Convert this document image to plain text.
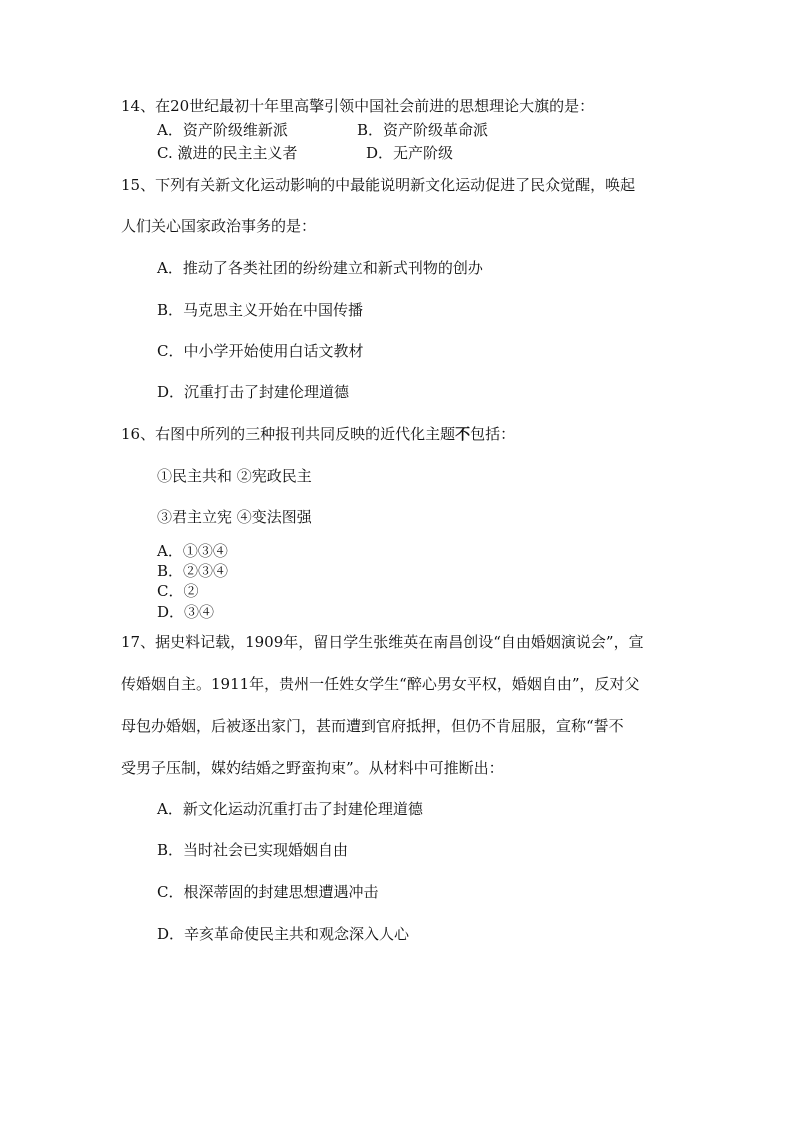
14、在20世纪最初十年里高擎引领中国社会前进的思想理论大旗的是：
A．资产阶级维新派	B．资产阶级革命派
C. 激进的民主主义者	D．无产阶级
15、下列有关新文化运动影响的中最能说明新文化运动促进了民众觉醒，唤起
人们关心国家政治事务的是：
A．推动了各类社团的纷纷建立和新式刊物的创办
B．马克思主义开始在中国传播
C．中小学开始使用白话文教材
D．沉重打击了封建伦理道德
16、右图中所列的三种报刊共同反映的近代化主题不包括：
①民主共和 ②宪政民主
③君主立宪 ④变法图强
A．①③④
B．②③④
C．②
D．③④
17、据史料记载，1909年，留日学生张维英在南昌创设“自由婚姻演说会”，宣
传婚姻自主。1911年，贵州一任姓女学生“醉心男女平权，婚姻自由”，反对父
母包办婚姻，后被逐出家门，甚而遭到官府抵押，但仍不肯屈服，宣称“誓不
受男子压制，媒妁结婚之野蛮拘束”。从材料中可推断出：
A．新文化运动沉重打击了封建伦理道德
B．当时社会已实现婚姻自由
C．根深蒂固的封建思想遭遇冲击
D．辛亥革命使民主共和观念深入人心
